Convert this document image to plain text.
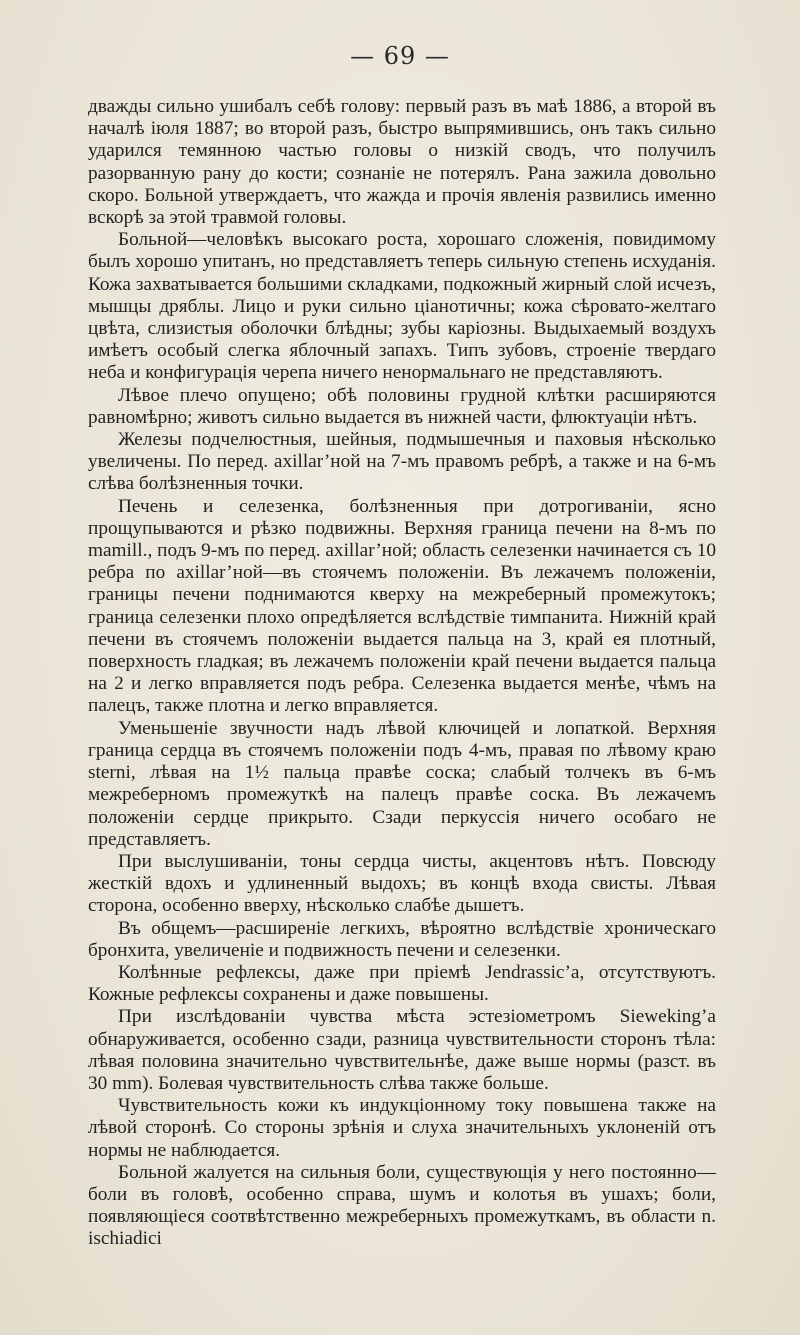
— 69 —

дважды сильно ушибалъ себѣ голову: первый разъ въ маѣ 1886, а второй въ началѣ іюля 1887; во второй разъ, быстро выпрямившись, онъ такъ сильно ударился темянною частью головы о низкій сводъ, что получилъ разорванную рану до кости; сознаніе не потерялъ. Рана зажила довольно скоро. Больной утверждаетъ, что жажда и прочія явленія развились именно вскорѣ за этой травмой головы.

Больной—человѣкъ высокаго роста, хорошаго сложенія, повидимому былъ хорошо упитанъ, но представляетъ теперь сильную степень исхуданія. Кожа захватывается большими складками, подкожный жирный слой исчезъ, мышцы дряблы. Лицо и руки сильно ціанотичны; кожа сѣровато-желтаго цвѣта, слизистыя оболочки блѣдны; зубы каріозны. Выдыхаемый воздухъ имѣетъ особый слегка яблочный запахъ. Типъ зубовъ, строеніе твердаго неба и конфигурація черепа ничего ненормальнаго не представляютъ.

Лѣвое плечо опущено; обѣ половины грудной клѣтки расширяются равномѣрно; животъ сильно выдается въ нижней части, флюктуаціи нѣтъ.

Железы подчелюстныя, шейныя, подмышечныя и паховыя нѣсколько увеличены. По перед. axillar’ной на 7-мъ правомъ ребрѣ, а также и на 6-мъ слѣва болѣзненныя точки.

Печень и селезенка, болѣзненныя при дотрогиваніи, ясно прощупываются и рѣзко подвижны. Верхняя граница печени на 8-мъ по mamill., подъ 9-мъ по перед. axillar’ной; область селезенки начинается съ 10 ребра по axillar’ной—въ стоячемъ положеніи. Въ лежачемъ положеніи, границы печени поднимаются кверху на межреберный промежутокъ; граница селезенки плохо опредѣляется вслѣдствіе тимпанита. Нижній край печени въ стоячемъ положеніи выдается пальца на 3, край ея плотный, поверхность гладкая; въ лежачемъ положеніи край печени выдается пальца на 2 и легко вправляется подъ ребра. Селезенка выдается менѣе, чѣмъ на палецъ, также плотна и легко вправляется.

Уменьшеніе звучности надъ лѣвой ключицей и лопаткой. Верхняя граница сердца въ стоячемъ положеніи подъ 4-мъ, правая по лѣвому краю sterni, лѣвая на 1½ пальца правѣе соска; слабый толчекъ въ 6-мъ межреберномъ промежуткѣ на палецъ правѣе соска. Въ лежачемъ положеніи сердце прикрыто. Сзади перкуссія ничего особаго не представляетъ.

При выслушиваніи, тоны сердца чисты, акцентовъ нѣтъ. Повсюду жесткій вдохъ и удлиненный выдохъ; въ концѣ входа свисты. Лѣвая сторона, особенно вверху, нѣсколько слабѣе дышетъ.

Въ общемъ—расширеніе легкихъ, вѣроятно вслѣдствіе хроническаго бронхита, увеличеніе и подвижность печени и селезенки.

Колѣнные рефлексы, даже при пріемѣ Jendrassic’а, отсутствуютъ. Кожные рефлексы сохранены и даже повышены.

При изслѣдованіи чувства мѣста эстезіометромъ Sieweking’а обнаруживается, особенно сзади, разница чувствительности сторонъ тѣла: лѣвая половина значительно чувствительнѣе, даже выше нормы (разст. въ 30 mm). Болевая чувствительность слѣва также больше.

Чувствительность кожи къ индукціонному току повышена также на лѣвой сторонѣ. Со стороны зрѣнія и слуха значительныхъ уклоненій отъ нормы не наблюдается.

Больной жалуется на сильныя боли, существующія у него постоянно— боли въ головѣ, особенно справа, шумъ и колотья въ ушахъ; боли, появляющіеся соотвѣтственно межреберныхъ промежуткамъ, въ области n. ischiadici
